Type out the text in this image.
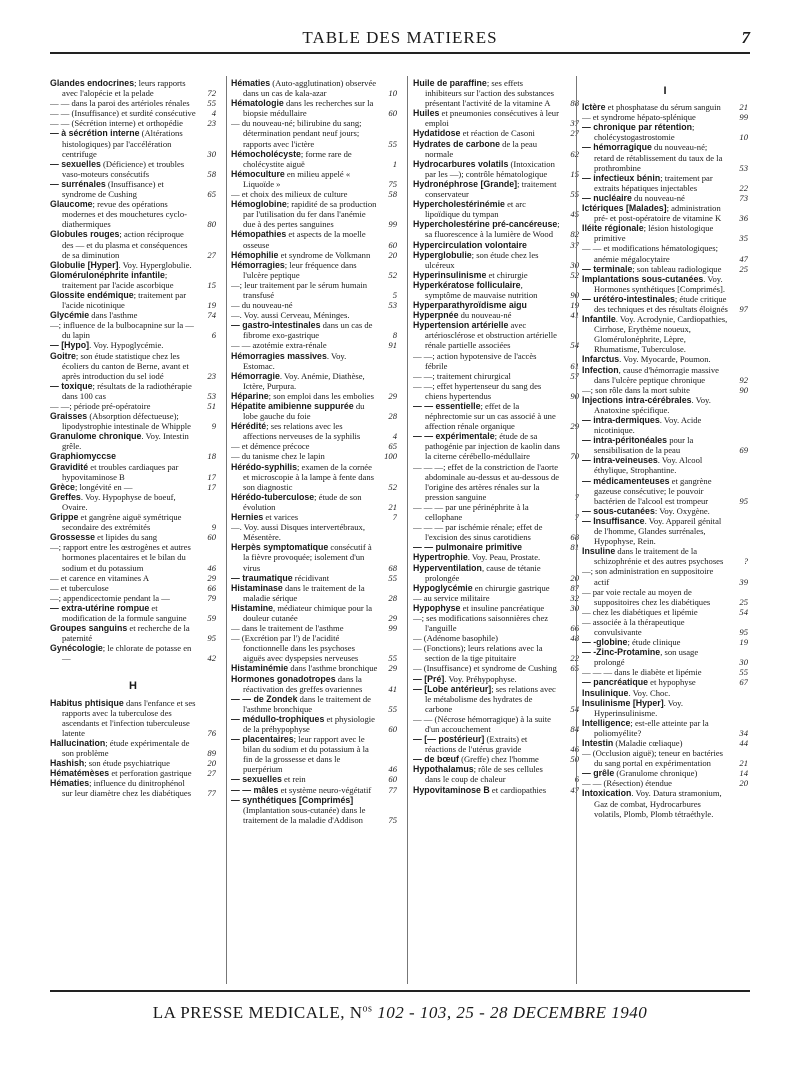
TABLE DES MATIERES	7
Glandes endocrines; leurs rapports avec l'alopécie et la pelade	72
— — dans la paroi des artérioles rénales 55
— — (Insuffisance) et surdité consécutive 4
— — (Sécrétion interne) et orthopédie	23
— à sécrétion interne (Altérations histologiques) par l'accélération centrifuge	30
— sexuelles (Déficience) et troubles vaso-moteurs consécutifs	58
— surrénales (Insuffisance) et syndrome de Cushing	65
Glaucome; revue des opérations modernes et des mouchetures cyclo-diathermiques	80
Globules rouges; action réciproque des — et du plasma et conséquences de sa diminution	27
Globulie [Hyper]. Voy. Hyperglobulie.
Glomérulonéphrite infantile; traitement par l'acide ascorbique	15
Glossite endémique; traitement par l'acide nicotinique	19
Glycémie dans l'asthme	74
—; influence de la bulbocapnine sur la — du lapin	6
— [Hypo]. Voy. Hypoglycémie.
Goitre; son étude statistique chez les écoliers du canton de Berne, avant et après introduction du sel iodé	23
— toxique; résultats de la radiothérapie dans 100 cas	53
— —; période pré-opératoire	51
Graisses (Absorption défectueuse); lipodystrophie intestinale de Whipple 9
Granulome chronique. Voy. Intestin grêle.
Graphiomyccse	18
Gravidité et troubles cardiaques par hypovitaminose B	17
Grèce; longévité en —	17
Greffes. Voy. Hypophyse de boeuf, Ovaire.
Grippe et gangrène aiguë symétrique secondaire des extrémités	9
Grossesse et lipides du sang	60
—; rapport entre les œstrogènes et autres hormones placentaires et le bilan du sodium et du potassium	46
— et carence en vitamines A	29
— et tuberculose	66
—; appendicectomie pendant la —	79
— extra-utérine rompue et modification de la formule sanguine 59
Groupes sanguins et recherche de la paternité	95
Gynécologie; le chlorate de potasse en —	42
H
Habitus phtisique dans l'enfance et ses rapports avec la tuberculose des ascendants et l'infection tuberculeuse latente	76
Hallucination; étude expérimentale de son problème	89
Hashish; son étude psychiatrique	20
Hématémèses et perforation gastrique 27
Hématies; influence du dinitrophénol sur leur diamètre chez les diabétiques 77
Hématies (Auto-agglutination) observée dans un cas de kala-azar	10
Hématologie dans les recherches sur la biopsie médullaire	60
— du nouveau-né; bilirubine du sang; détermination pendant neuf jours; rapports avec l'ictère	55
Hémocholécyste; forme rare de cholécystite aiguë	1
Hémoculture en milieu appelé « Liquoïde »	75
— et choix des milieux de culture	58
Hémoglobine; rapidité de sa production par l'utilisation du fer dans l'anémie due à des pertes sanguines	99
Hémopathies et aspects de la moelle osseuse	60
Hémophilie et syndrome de Volkmann 20
Hémorragies; leur fréquence dans l'ulcère peptique	52
—; leur traitement par le sérum humain transfusé	5
— du nouveau-né	53
—. Voy. aussi Cerveau, Méninges.
— gastro-intestinales dans un cas de fibrome exo-gastrique	8
— — azotémie extra-rénale	91
Hémorragies massives. Voy. Estomac.
Hémorragie. Voy. Anémie, Diathèse, Ictère, Purpura.
Héparine; son emploi dans les embolies 29
Hépatite amibienne suppurée du lobe gauche du foie	28
Hérédité; ses relations avec les affections nerveuses de la syphilis	4
— et démence précoce	65
— du tanisme chez le lapin	100
Hérédo-syphilis; examen de la cornée et microscopie à la lampe à fente dans son diagnostic	52
Hérédo-tuberculose; étude de son évolution	21
Hernies et varices	7
—. Voy. aussi Disques intervertébraux, Mésentère.
Herpès symptomatique consécutif à la fièvre provoquée; isolement d'un virus	68
— traumatique récidivant	55
Histaminase dans le traitement de la maladie sérique	28
Histamine, médiateur chimique pour la douleur cutanée	29
— dans le traitement de l'asthme	99
— (Excrétion par l') de l'acidité fonctionnelle dans les psychoses aiguës avec dyspepsies nerveuses	55
Histaminémie dans l'asthme bronchique 29
Hormones gonadotropes dans la réactivation des greffes ovariennes	41
— — de Zondek dans le traitement de l'asthme bronchique	55
— médullo-trophiques et physiologie de la préhypophyse	60
— placentaires; leur rapport avec le bilan du sodium et du potassium à la fin de la grossesse et dans le puerpérium	46
— sexuelles et rein	60
— — mâles et système neuro-végétatif 77
— synthétiques [Comprimés] (Implantation sous-cutanée) dans le traitement de la maladie d'Addison	75
Huile de paraffine; ses effets inhibiteurs sur l'action des substances présentant l'activité de la vitamine A 88
Huiles et pneumonies consécutives à leur emploi	37
Hydatidose et réaction de Casoni	27
Hydrates de carbone de la peau normale	62
Hydrocarbures volatils (Intoxication par les —); contrôle hématologique	15
Hydronéphrose [Grande]; traitement conservateur	55
Hypercholestérinémie et arc lipoïdique du tympan	45
Hypercholestérine pré-cancéreuse; sa fluorescence à la lumière de Wood 82
Hypercirculation volontaire	37
Hyperglobulie; son étude chez les ulcéreux	30
Hyperinsulinisme et chirurgie	52
Hyperkératose folliculaire, symptôme de mauvaise nutrition	90
Hyperparathyroïdisme aigu	19
Hyperpnée du nouveau-né	41
Hypertension artérielle avec artériosclérose et obstruction artérielle rénale partielle associées	54
— —; action hypotensive de l'accès fébrile	61
— —; traitement chirurgical	57
— —; effet hypertenseur du sang des chiens hypertendus	90
— — essentielle; effet de la néphrectomie sur un cas associé à une affection rénale organique	29
— — expérimentale; étude de sa pathogénie par injection de kaolin dans la citerne cérébello-médullaire	70
— — —; effet de la constriction de l'aorte abdominale au-dessus et au-dessous de l'origine des artères rénales sur la pression sanguine	7
— — — par une périnéphrite à la cellophane	7
— — — par ischémie rénale; effet de l'excision des sinus carotidiens	68
— — pulmonaire primitive	81
Hypertrophie. Voy. Peau, Prostate.
Hyperventilation, cause de tétanie prolongée	20
Hypoglycémie en chirurgie gastrique 87
— au service militaire	32
Hypophyse et insuline pancréatique	30
—; ses modifications saisonnières chez l'anguille	66
— (Adénome basophile)	48
— (Fonctions); leurs relations avec la section de la tige pituitaire	22
— (Insuffisance) et syndrome de Cushing 65
— [Pré]. Voy. Préhypophyse.
— [Lobe antérieur]; ses relations avec le métabolisme des hydrates de carbone	54
— — (Nécrose hémorragique) à la suite d'un accouchement	84
— [— postérieur] (Extraits) et réactions de l'utérus gravide	46
— de bœuf (Greffe) chez l'homme	50
Hypothalamus; rôle de ses cellules dans le coup de chaleur	6
Hypovitaminose B et cardiopathies	47
I
Ictère et phosphatase du sérum sanguin 21
— et syndrome hépato-splénique	99
— chronique par rétention; cholécystogastrostomie	10
— hémorragique du nouveau-né; retard de rétablissement du taux de la prothrombine	53
— infectieux bénin; traitement par extraits hépatiques injectables	22
— nucléaire du nouveau-né	73
Ictériques [Malades]; administration pré- et post-opératoire de vitamine K 36
Iléite régionale; lésion histologique primitive	35
— — et modifications hématologiques; anémie mégalocytaire	47
— terminale; son tableau radiologique 25
Implantations sous-cutanées. Voy. Hormones synthétiques [Comprimés].
— urétéro-intestinales; étude critique des techniques et des résultats éloignés 97
Infantile. Voy. Acrodynie, Cardiopathies, Cirrhose, Erythème noueux, Glomérulonéphrite, Lèpre, Rhumatisme, Tuberculose.
Infarctus. Voy. Myocarde, Poumon.
Infection, cause d'hémorragie massive dans l'ulcère peptique chronique	92
—; son rôle dans la mort subite	90
Injections intra-cérébrales. Voy. Anatoxine spécifique.
— intra-dermiques. Voy. Acide nicotinique.
— intra-péritonéales pour la sensibilisation de la peau	69
— intra-veineuses. Voy. Alcool éthylique, Strophantine.
— médicamenteuses et gangrène gazeuse consécutive; le pouvoir bactérien de l'alcool est trompeur	95
— sous-cutanées: Voy. Oxygène.
— Insuffisance. Voy. Appareil génital de l'homme, Glandes surrénales, Hypophyse, Rein.
Insuline dans le traitement de la schizophrénie et des autres psychoses ?
—; son administration en suppositoire actif	39
— par voie rectale au moyen de suppositoires chez les diabétiques	25
— chez les diabétiques et lipémie	54
— associée à la thérapeutique convulsivante	95
— -globine; étude clinique	19
— -Zinc-Protamine, son usage prolongé	30
— — — dans le diabète et lipémie	55
— pancréatique et hypophyse	67
Insulinique. Voy. Choc.
Insulinisme [Hyper]. Voy. Hyperinsulinisme.
Intelligence; est-elle atteinte par la poliomyélite?	34
Intestin (Maladie cœliaque)	44
— (Occlusion aiguë); teneur en bactéries du sang portal en expérimentation	21
— grêle (Granulome chronique)	14
— — (Résection) étendue	20
Intoxication. Voy. Datura stramonium, Gaz de combat, Hydrocarbures volatils, Plomb, Plomb tétraéthyle.
LA PRESSE MEDICALE, $N^{os}$ 102 - 103, 25 - 28 DECEMBRE 1940
